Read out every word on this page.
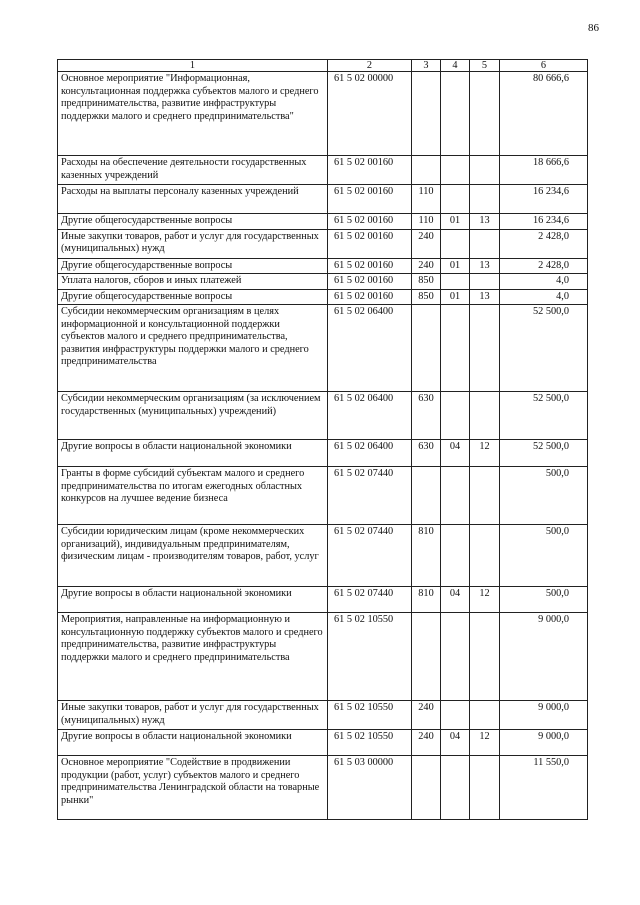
86
1	2	3	4	5	6
Основное мероприятие "Информационная, консультационная поддержка субъектов малого и среднего предпринимательства, развитие инфраструктуры поддержки малого и среднего предпринимательства"	61 5 02 00000				80 666,6
Расходы на обеспечение деятельности государственных казенных учреждений	61 5 02 00160				18 666,6
Расходы на выплаты персоналу казенных учреждений	61 5 02 00160	110			16 234,6
Другие общегосударственные вопросы	61 5 02 00160	110	01	13	16 234,6
Иные закупки товаров, работ и услуг для государственных (муниципальных) нужд	61 5 02 00160	240			2 428,0
Другие общегосударственные вопросы	61 5 02 00160	240	01	13	2 428,0
Уплата налогов, сборов и иных платежей	61 5 02 00160	850			4,0
Другие общегосударственные вопросы	61 5 02 00160	850	01	13	4,0
Субсидии некоммерческим организациям в целях информационной и консультационной поддержки субъектов малого и среднего предпринимательства, развития инфраструктуры поддержки малого и среднего предпринимательства	61 5 02 06400				52 500,0
Субсидии некоммерческим организациям (за исключением государственных (муниципальных) учреждений)	61 5 02 06400	630			52 500,0
Другие вопросы в области национальной экономики	61 5 02 06400	630	04	12	52 500,0
Гранты в форме субсидий субъектам малого и среднего предпринимательства по итогам ежегодных областных конкурсов на лучшее ведение бизнеса	61 5 02 07440				500,0
Субсидии юридическим лицам (кроме некоммерческих организаций), индивидуальным предпринимателям, физическим лицам - производителям товаров, работ, услуг	61 5 02 07440	810			500,0
Другие вопросы в области национальной экономики	61 5 02 07440	810	04	12	500,0
Мероприятия, направленные на информационную и консультационную поддержку субъектов малого и среднего предпринимательства, развитие инфраструктуры поддержки малого и среднего предпринимательства	61 5 02 10550				9 000,0
Иные закупки товаров, работ и услуг для государственных (муниципальных) нужд	61 5 02 10550	240			9 000,0
Другие вопросы в области национальной экономики	61 5 02 10550	240	04	12	9 000,0
Основное мероприятие "Содействие в продвижении продукции (работ, услуг) субъектов малого и среднего предпринимательства Ленинградской области на товарные рынки"	61 5 03 00000				11 550,0
